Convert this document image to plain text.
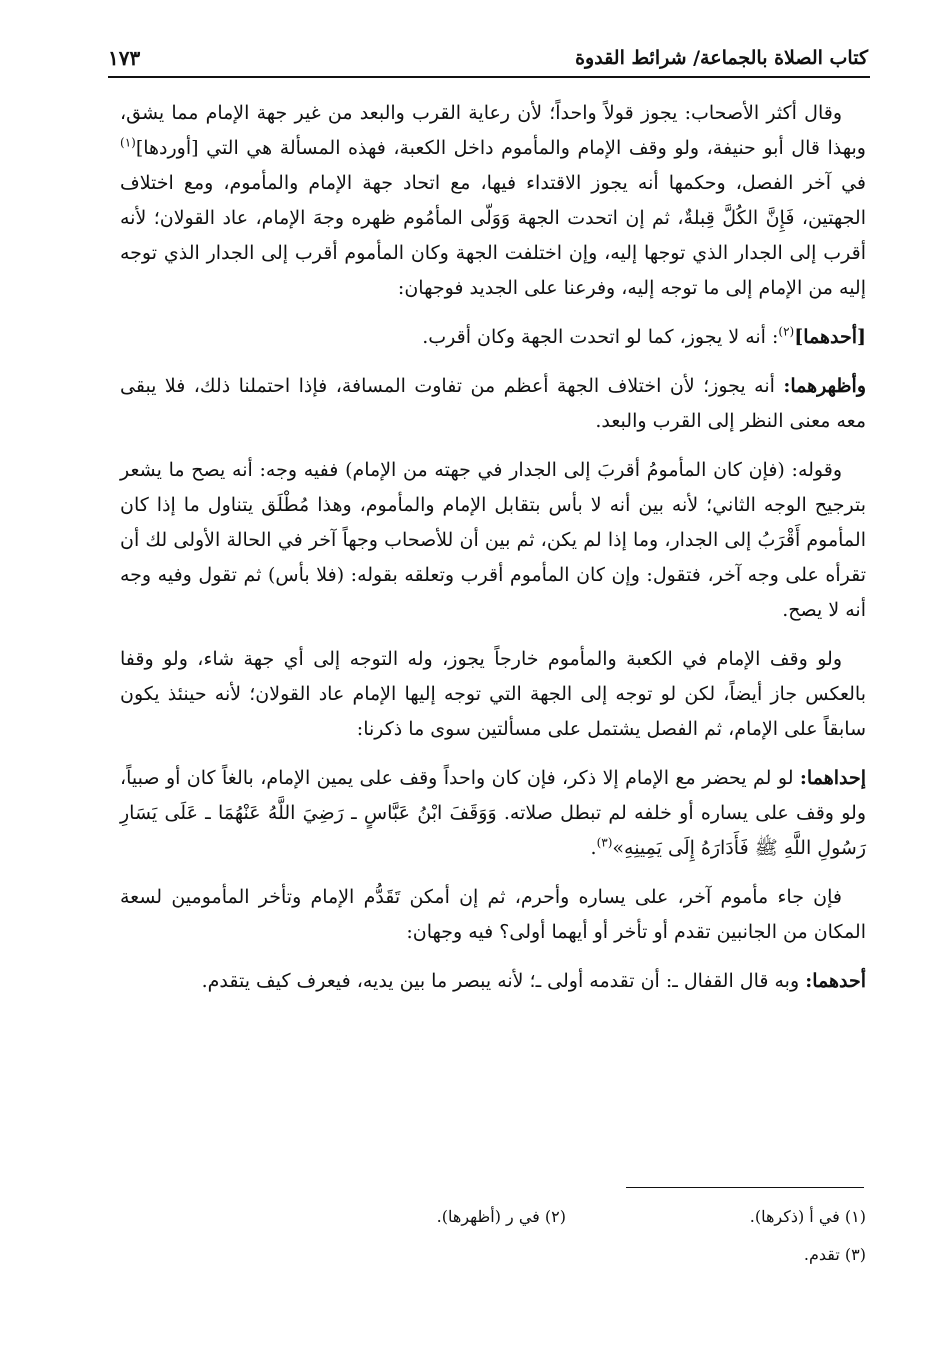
كتاب الصلاة بالجماعة/ شرائط القدوة
١٧٣

وقال أكثر الأصحاب: يجوز قولاً واحداً؛ لأن رعاية القرب والبعد من غير جهة الإمام مما يشق، وبهذا قال أبو حنيفة، ولو وقف الإمام والمأموم داخل الكعبة، فهذه المسألة هي التي [أوردها]$^{(١)}$ في آخر الفصل، وحكمها أنه يجوز الاقتداء فيها، مع اتحاد جهة الإمام والمأموم، ومع اختلاف الجهتين، فَإِنَّ الكُلَّ قِبلةٌ، ثم إن اتحدت الجهة وَوَلّى المأمُوم ظهره وجهَ الإمام، عاد القولان؛ لأنه أقرب إلى الجدار الذي توجها إليه، وإن اختلفت الجهة وكان المأموم أقرب إلى الجدار الذي توجه إليه من الإمام إلى ما توجه إليه، وفرعنا على الجديد فوجهان:

[أحدهما]$^{(٢)}$: أنه لا يجوز، كما لو اتحدت الجهة وكان أقرب.

وأظهرهما: أنه يجوز؛ لأن اختلاف الجهة أعظم من تفاوت المسافة، فإذا احتملنا ذلك، فلا يبقى معه معنى النظر إلى القرب والبعد.

وقوله: (فإن كان المأمومُ أقربَ إلى الجدار في جهته من الإمام) ففيه وجه: أنه يصح ما يشعر بترجيح الوجه الثاني؛ لأنه بين أنه لا بأس بتقابل الإمام والمأموم، وهذا مُطْلَق يتناول ما إذا كان المأموم أَقْرَبُ إلى الجدار، وما إذا لم يكن، ثم بين أن للأصحاب وجهاً آخر في الحالة الأولى لك أن تقرأه على وجه آخر، فتقول: وإن كان المأموم أقرب وتعلقه بقوله: (فلا بأس) ثم تقول وفيه وجه أنه لا يصح.

ولو وقف الإمام في الكعبة والمأموم خارجاً يجوز، وله التوجه إلى أي جهة شاء، ولو وقفا بالعكس جاز أيضاً، لكن لو توجه إلى الجهة التي توجه إليها الإمام عاد القولان؛ لأنه حينئذ يكون سابقاً على الإمام، ثم الفصل يشتمل على مسألتين سوى ما ذكرنا:

إحداهما: لو لم يحضر مع الإمام إلا ذكر، فإن كان واحداً وقف على يمين الإمام، بالغاً كان أو صبياً، ولو وقف على يساره أو خلفه لم تبطل صلاته. وَوَقَفَ ابْنُ عَبَّاسٍ ـ رَضِيَ اللَّهُ عَنْهُمَا ـ عَلَى يَسَارِ رَسُولِ اللَّهِ ﷺ فَأَدَارَهُ إِلَى يَمِينِهِ»$^{(٣)}$.

فإن جاء مأموم آخر، على يساره وأحرم، ثم إن أمكن تَقَدُّم الإمام وتأخر المأمومين لسعة المكان من الجانبين تقدم أو تأخر أو أيهما أولى؟ فيه وجهان:

أحدهما: وبه قال القفال ـ: أن تقدمه أولى ـ؛ لأنه يبصر ما بين يديه، فيعرف كيف يتقدم.

(١) في أ (ذكرها).
(٢) في ر (أظهرها).
(٣) تقدم.
